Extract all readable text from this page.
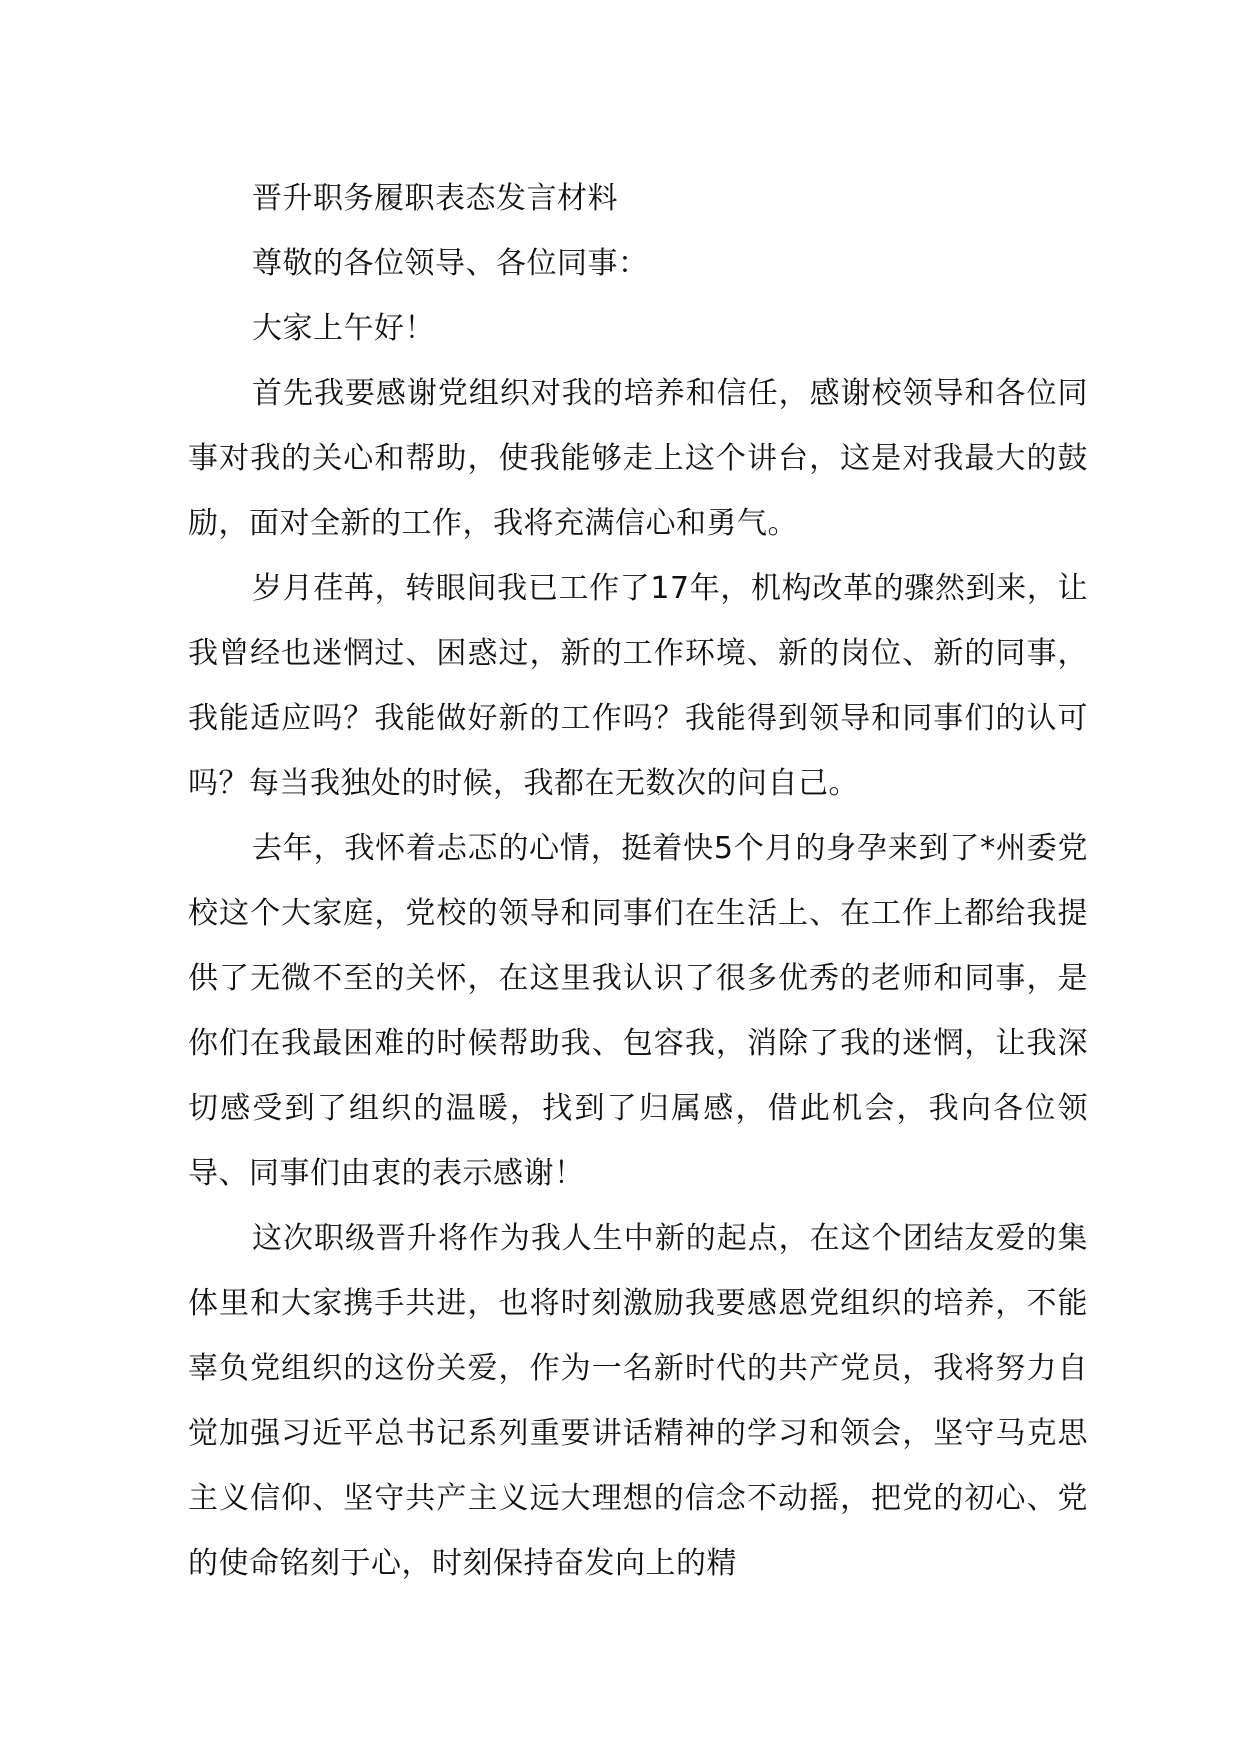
晋升职务履职表态发言材料

尊敬的各位领导、各位同事：

大家上午好！

首先我要感谢党组织对我的培养和信任，感谢校领导和各位同事对我的关心和帮助，使我能够走上这个讲台，这是对我最大的鼓励，面对全新的工作，我将充满信心和勇气。

岁月荏苒，转眼间我已工作了17年，机构改革的骤然到来，让我曾经也迷惘过、困惑过，新的工作环境、新的岗位、新的同事，我能适应吗？我能做好新的工作吗？我能得到领导和同事们的认可吗？每当我独处的时候，我都在无数次的问自己。

去年，我怀着忐忑的心情，挺着快5个月的身孕来到了*州委党校这个大家庭，党校的领导和同事们在生活上、在工作上都给我提供了无微不至的关怀，在这里我认识了很多优秀的老师和同事，是你们在我最困难的时候帮助我、包容我，消除了我的迷惘，让我深切感受到了组织的温暖，找到了归属感，借此机会，我向各位领导、同事们由衷的表示感谢！

这次职级晋升将作为我人生中新的起点，在这个团结友爱的集体里和大家携手共进，也将时刻激励我要感恩党组织的培养，不能辜负党组织的这份关爱，作为一名新时代的共产党员，我将努力自觉加强习近平总书记系列重要讲话精神的学习和领会，坚守马克思主义信仰、坚守共产主义远大理想的信念不动摇，把党的初心、党的使命铭刻于心，时刻保持奋发向上的精
